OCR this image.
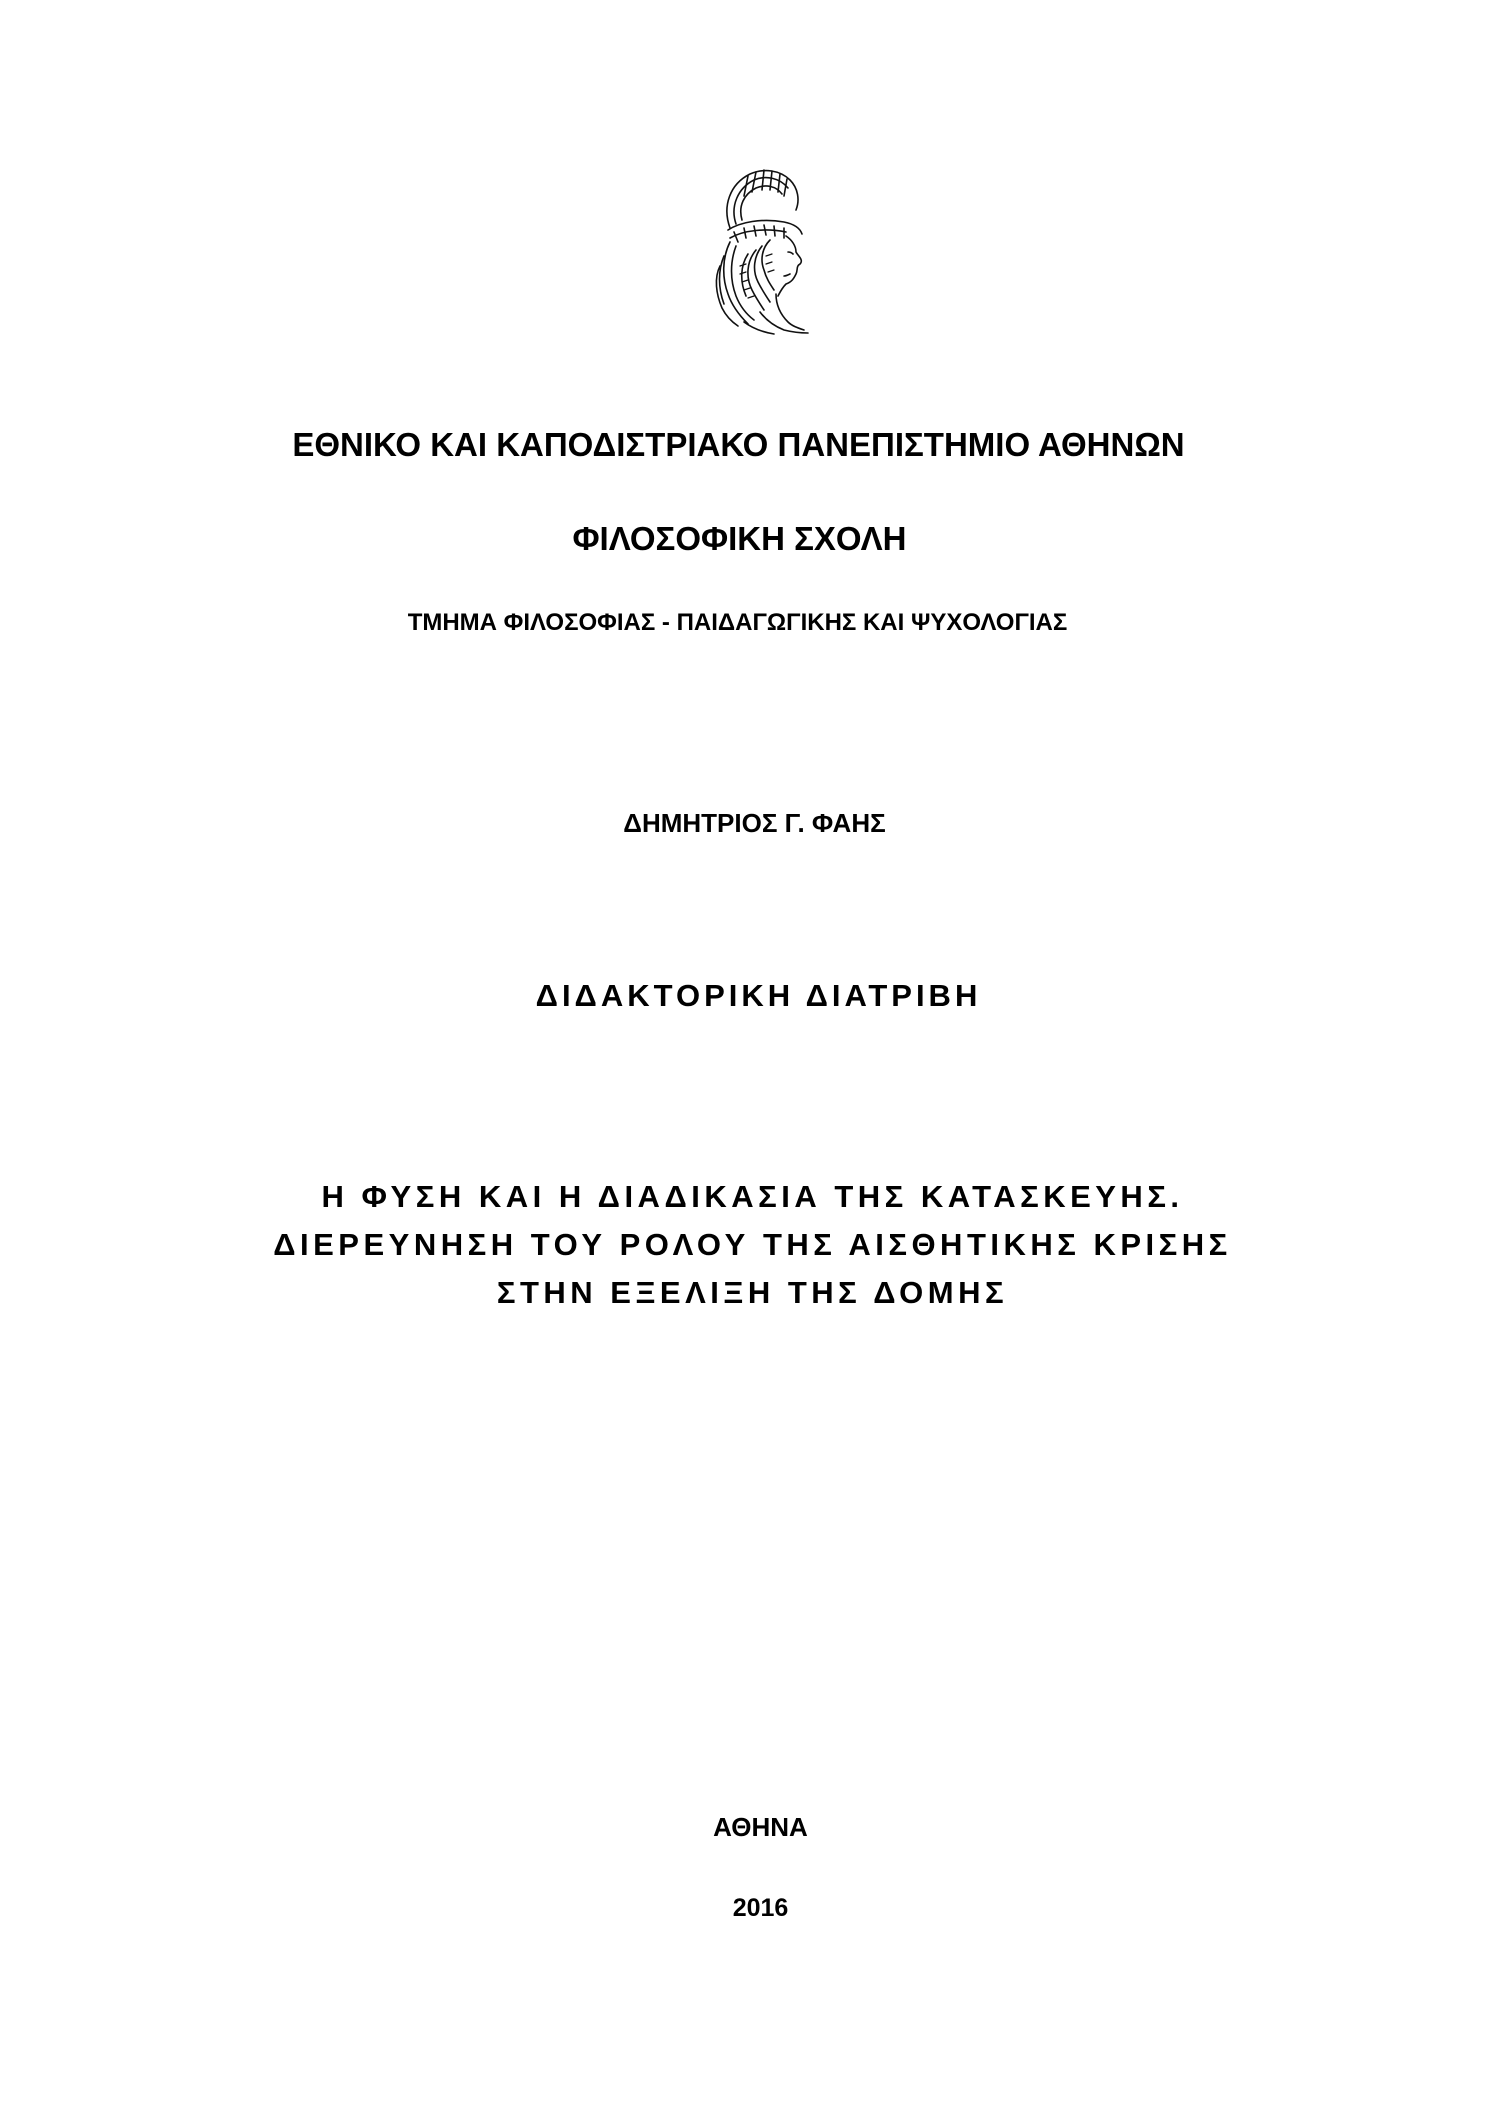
ΕΘΝΙΚΟ ΚΑΙ ΚΑΠΟΔΙΣΤΡΙΑΚΟ ΠΑΝΕΠΙΣΤΗΜΙΟ ΑΘΗΝΩΝ
ΦΙΛΟΣΟΦΙΚΗ ΣΧΟΛΗ
ΤΜΗΜΑ ΦΙΛΟΣΟΦΙΑΣ - ΠΑΙΔΑΓΩΓΙΚΗΣ ΚΑΙ ΨΥΧΟΛΟΓΙΑΣ
ΔΗΜΗΤΡΙΟΣ Γ. ΦΑΗΣ
ΔΙΔΑΚΤΟΡΙΚΗ ΔΙΑΤΡΙΒΗ
Η ΦΥΣΗ ΚΑΙ Η ΔΙΑΔΙΚΑΣΙΑ ΤΗΣ ΚΑΤΑΣΚΕΥΗΣ.
ΔΙΕΡΕΥΝΗΣΗ ΤΟΥ ΡΟΛΟΥ ΤΗΣ ΑΙΣΘΗΤΙΚΗΣ ΚΡΙΣΗΣ
ΣΤΗΝ ΕΞΕΛΙΞΗ ΤΗΣ ΔΟΜΗΣ
ΑΘΗΝΑ
2016
